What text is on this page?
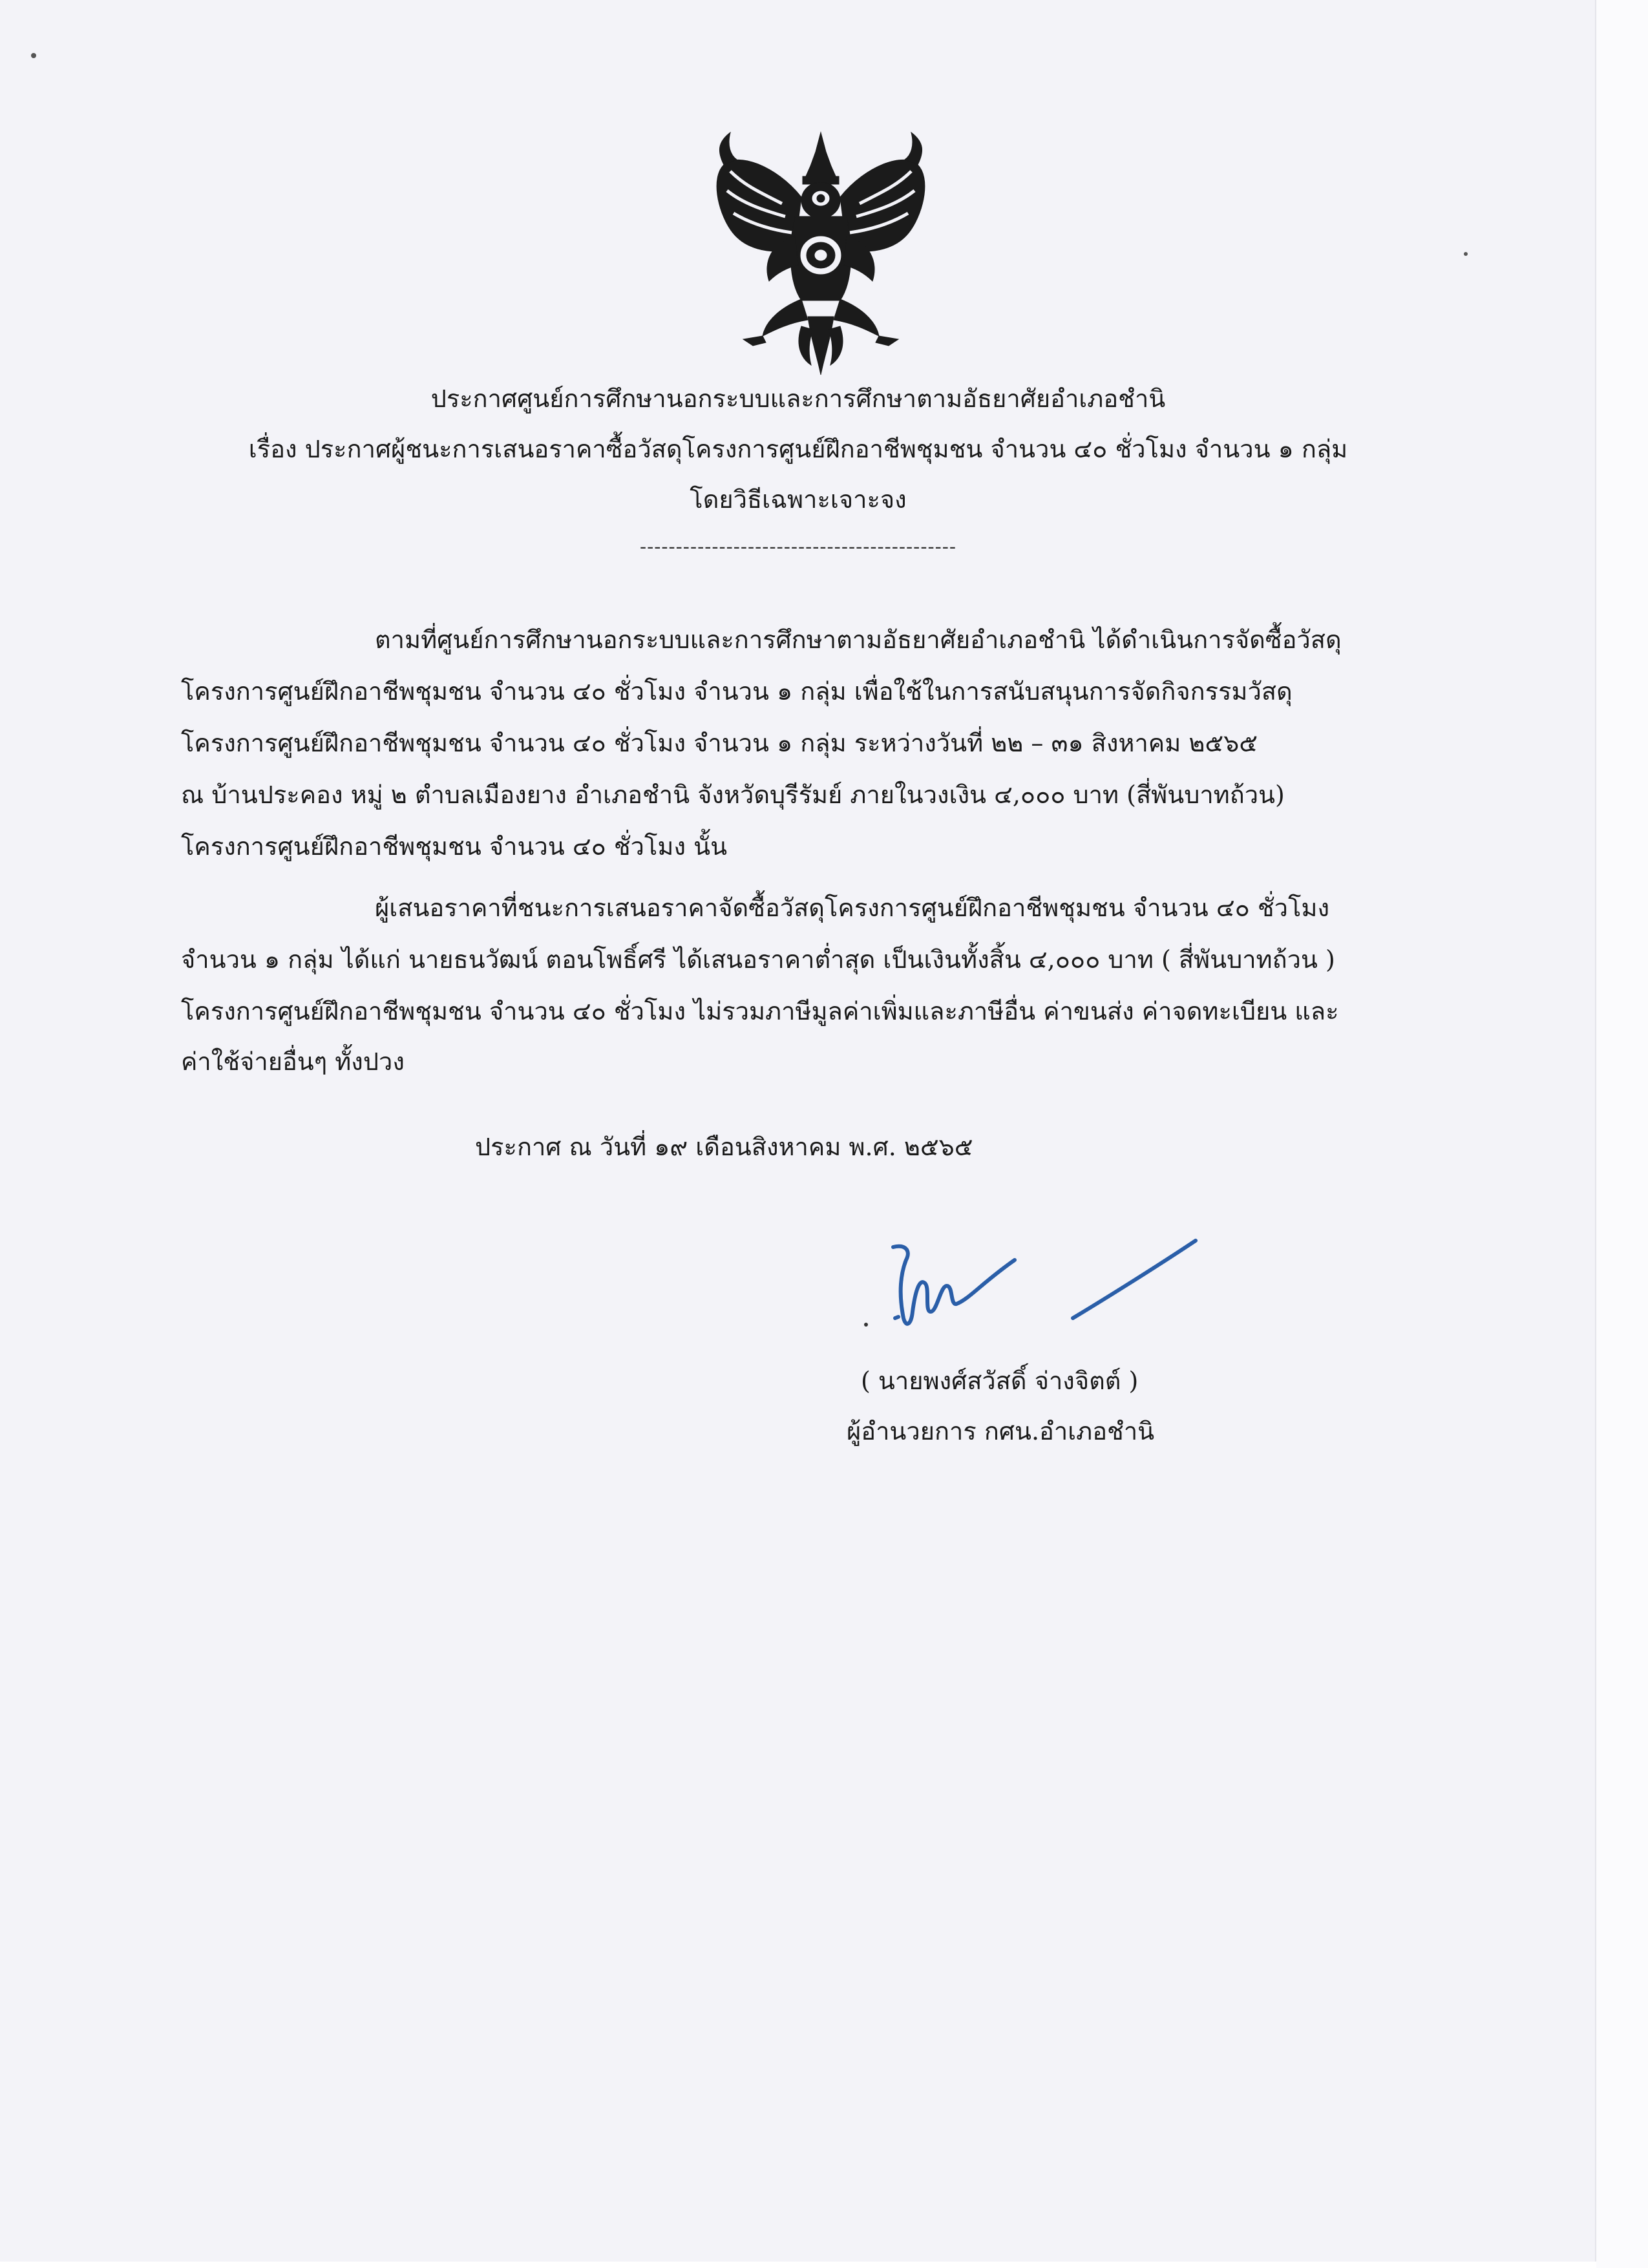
ประกาศศูนย์การศึกษานอกระบบและการศึกษาตามอัธยาศัยอำเภอชำนิ
เรื่อง ประกาศผู้ชนะการเสนอราคาซื้อวัสดุโครงการศูนย์ฝึกอาชีพชุมชน จำนวน ๔๐ ชั่วโมง จำนวน ๑ กลุ่ม
โดยวิธีเฉพาะเจาะจง
--------------------------------------------
ตามที่ศูนย์การศึกษานอกระบบและการศึกษาตามอัธยาศัยอำเภอชำนิ ได้ดำเนินการจัดซื้อวัสดุ
โครงการศูนย์ฝึกอาชีพชุมชน จำนวน ๔๐ ชั่วโมง จำนวน ๑ กลุ่ม เพื่อใช้ในการสนับสนุนการจัดกิจกรรมวัสดุ
โครงการศูนย์ฝึกอาชีพชุมชน จำนวน ๔๐ ชั่วโมง จำนวน ๑ กลุ่ม ระหว่างวันที่ ๒๒ – ๓๑ สิงหาคม ๒๕๖๕
ณ บ้านประคอง หมู่ ๒ ตำบลเมืองยาง อำเภอชำนิ จังหวัดบุรีรัมย์ ภายในวงเงิน ๔,๐๐๐ บาท (สี่พันบาทถ้วน)
โครงการศูนย์ฝึกอาชีพชุมชน จำนวน ๔๐ ชั่วโมง นั้น
ผู้เสนอราคาที่ชนะการเสนอราคาจัดซื้อวัสดุโครงการศูนย์ฝึกอาชีพชุมชน จำนวน ๔๐ ชั่วโมง
จำนวน ๑ กลุ่ม ได้แก่ นายธนวัฒน์ ตอนโพธิ์ศรี ได้เสนอราคาต่ำสุด เป็นเงินทั้งสิ้น ๔,๐๐๐ บาท ( สี่พันบาทถ้วน )
โครงการศูนย์ฝึกอาชีพชุมชน จำนวน ๔๐ ชั่วโมง ไม่รวมภาษีมูลค่าเพิ่มและภาษีอื่น ค่าขนส่ง ค่าจดทะเบียน และ
ค่าใช้จ่ายอื่นๆ ทั้งปวง
ประกาศ ณ วันที่ ๑๙ เดือนสิงหาคม พ.ศ. ๒๕๖๕
( นายพงศ์สวัสดิ์ จ่างจิตต์ )
ผู้อำนวยการ กศน.อำเภอชำนิ
